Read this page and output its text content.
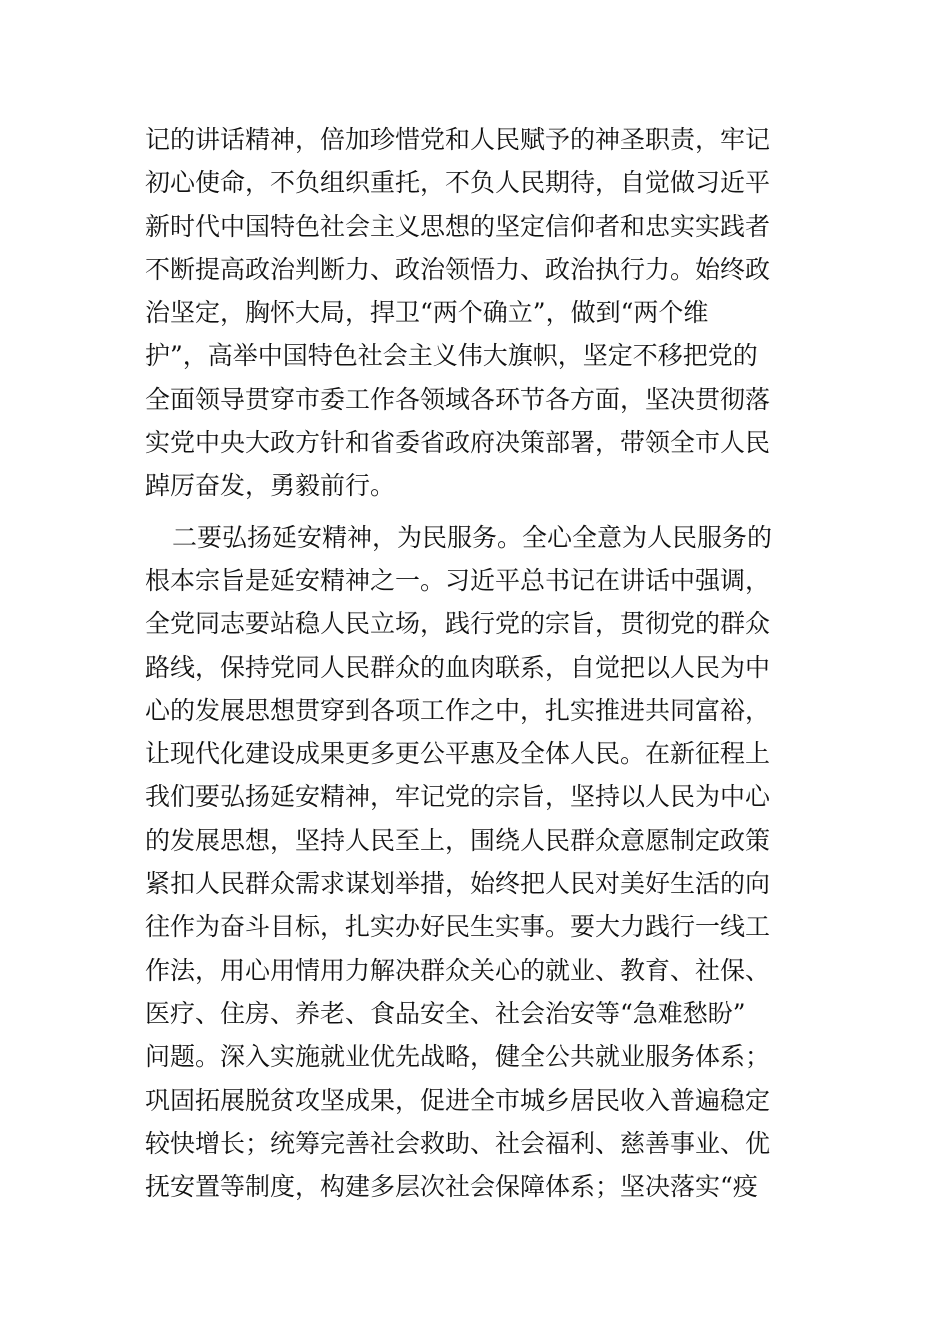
记的讲话精神，倍加珍惜党和人民赋予的神圣职责，牢记
初心使命，不负组织重托，不负人民期待，自觉做习近平
新时代中国特色社会主义思想的坚定信仰者和忠实实践者
不断提高政治判断力、政治领悟力、政治执行力。始终政
治坚定，胸怀大局，捍卫“两个确立”，做到“两个维
护”，高举中国特色社会主义伟大旗帜，坚定不移把党的
全面领导贯穿市委工作各领域各环节各方面，坚决贯彻落
实党中央大政方针和省委省政府决策部署，带领全市人民
踔厉奋发，勇毅前行。
二要弘扬延安精神，为民服务。全心全意为人民服务的
根本宗旨是延安精神之一。习近平总书记在讲话中强调，
全党同志要站稳人民立场，践行党的宗旨，贯彻党的群众
路线，保持党同人民群众的血肉联系，自觉把以人民为中
心的发展思想贯穿到各项工作之中，扎实推进共同富裕，
让现代化建设成果更多更公平惠及全体人民。在新征程上
我们要弘扬延安精神，牢记党的宗旨，坚持以人民为中心
的发展思想，坚持人民至上，围绕人民群众意愿制定政策
紧扣人民群众需求谋划举措，始终把人民对美好生活的向
往作为奋斗目标，扎实办好民生实事。要大力践行一线工
作法，用心用情用力解决群众关心的就业、教育、社保、
医疗、住房、养老、食品安全、社会治安等“急难愁盼”
问题。深入实施就业优先战略，健全公共就业服务体系；
巩固拓展脱贫攻坚成果，促进全市城乡居民收入普遍稳定
较快增长；统筹完善社会救助、社会福利、慈善事业、优
抚安置等制度，构建多层次社会保障体系；坚决落实“疫
